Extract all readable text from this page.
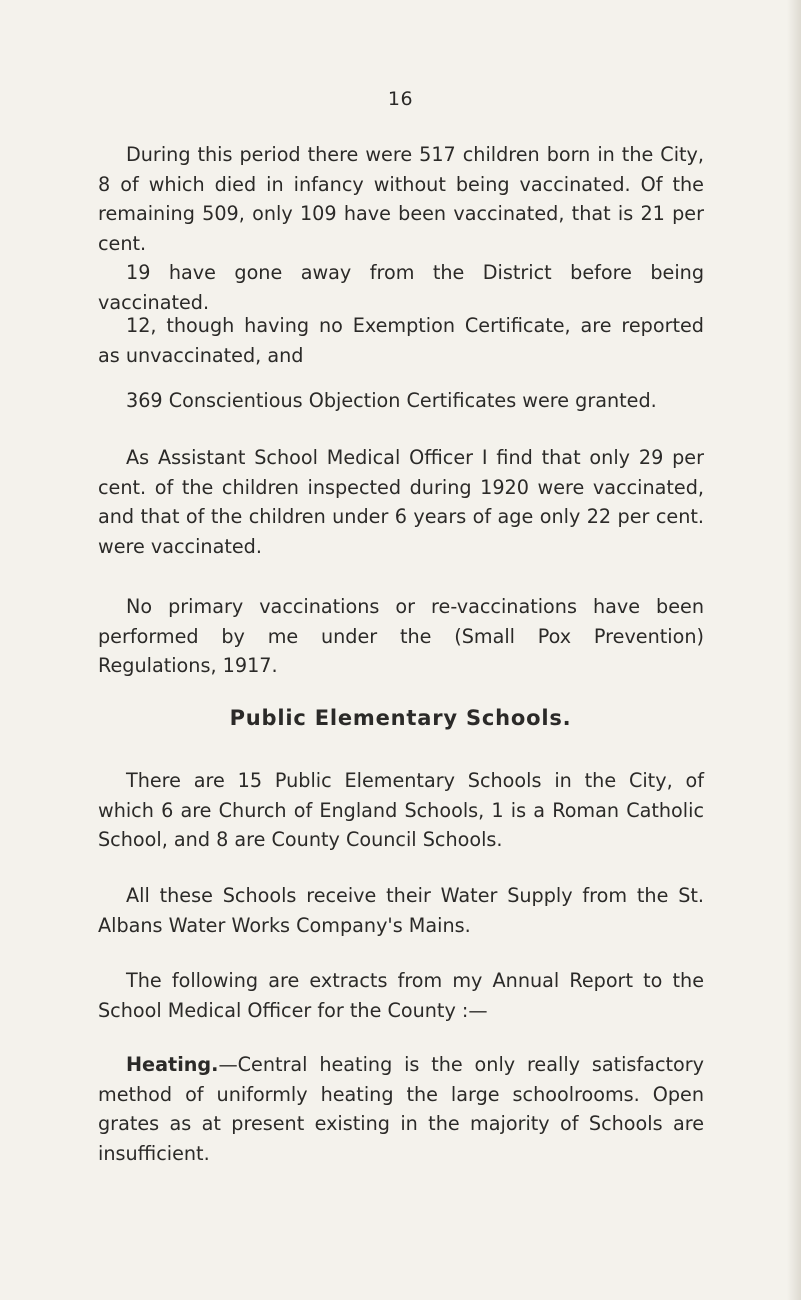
16

During this period there were 517 children born in the City, 8 of which died in infancy without being vaccinated. Of the remaining 509, only 109 have been vaccinated, that is 21 per cent.

19 have gone away from the District before being vaccinated.

12, though having no Exemption Certificate, are reported as unvaccinated, and

369 Conscientious Objection Certificates were granted.

As Assistant School Medical Officer I find that only 29 per cent. of the children inspected during 1920 were vaccinated, and that of the children under 6 years of age only 22 per cent. were vaccinated.

No primary vaccinations or re-vaccinations have been performed by me under the (Small Pox Prevention) Regulations, 1917.

Public Elementary Schools.

There are 15 Public Elementary Schools in the City, of which 6 are Church of England Schools, 1 is a Roman Catholic School, and 8 are County Council Schools.

All these Schools receive their Water Supply from the St. Albans Water Works Company's Mains.

The following are extracts from my Annual Report to the School Medical Officer for the County :—

Heating.—Central heating is the only really satisfactory method of uniformly heating the large schoolrooms. Open grates as at present existing in the majority of Schools are insufficient.
